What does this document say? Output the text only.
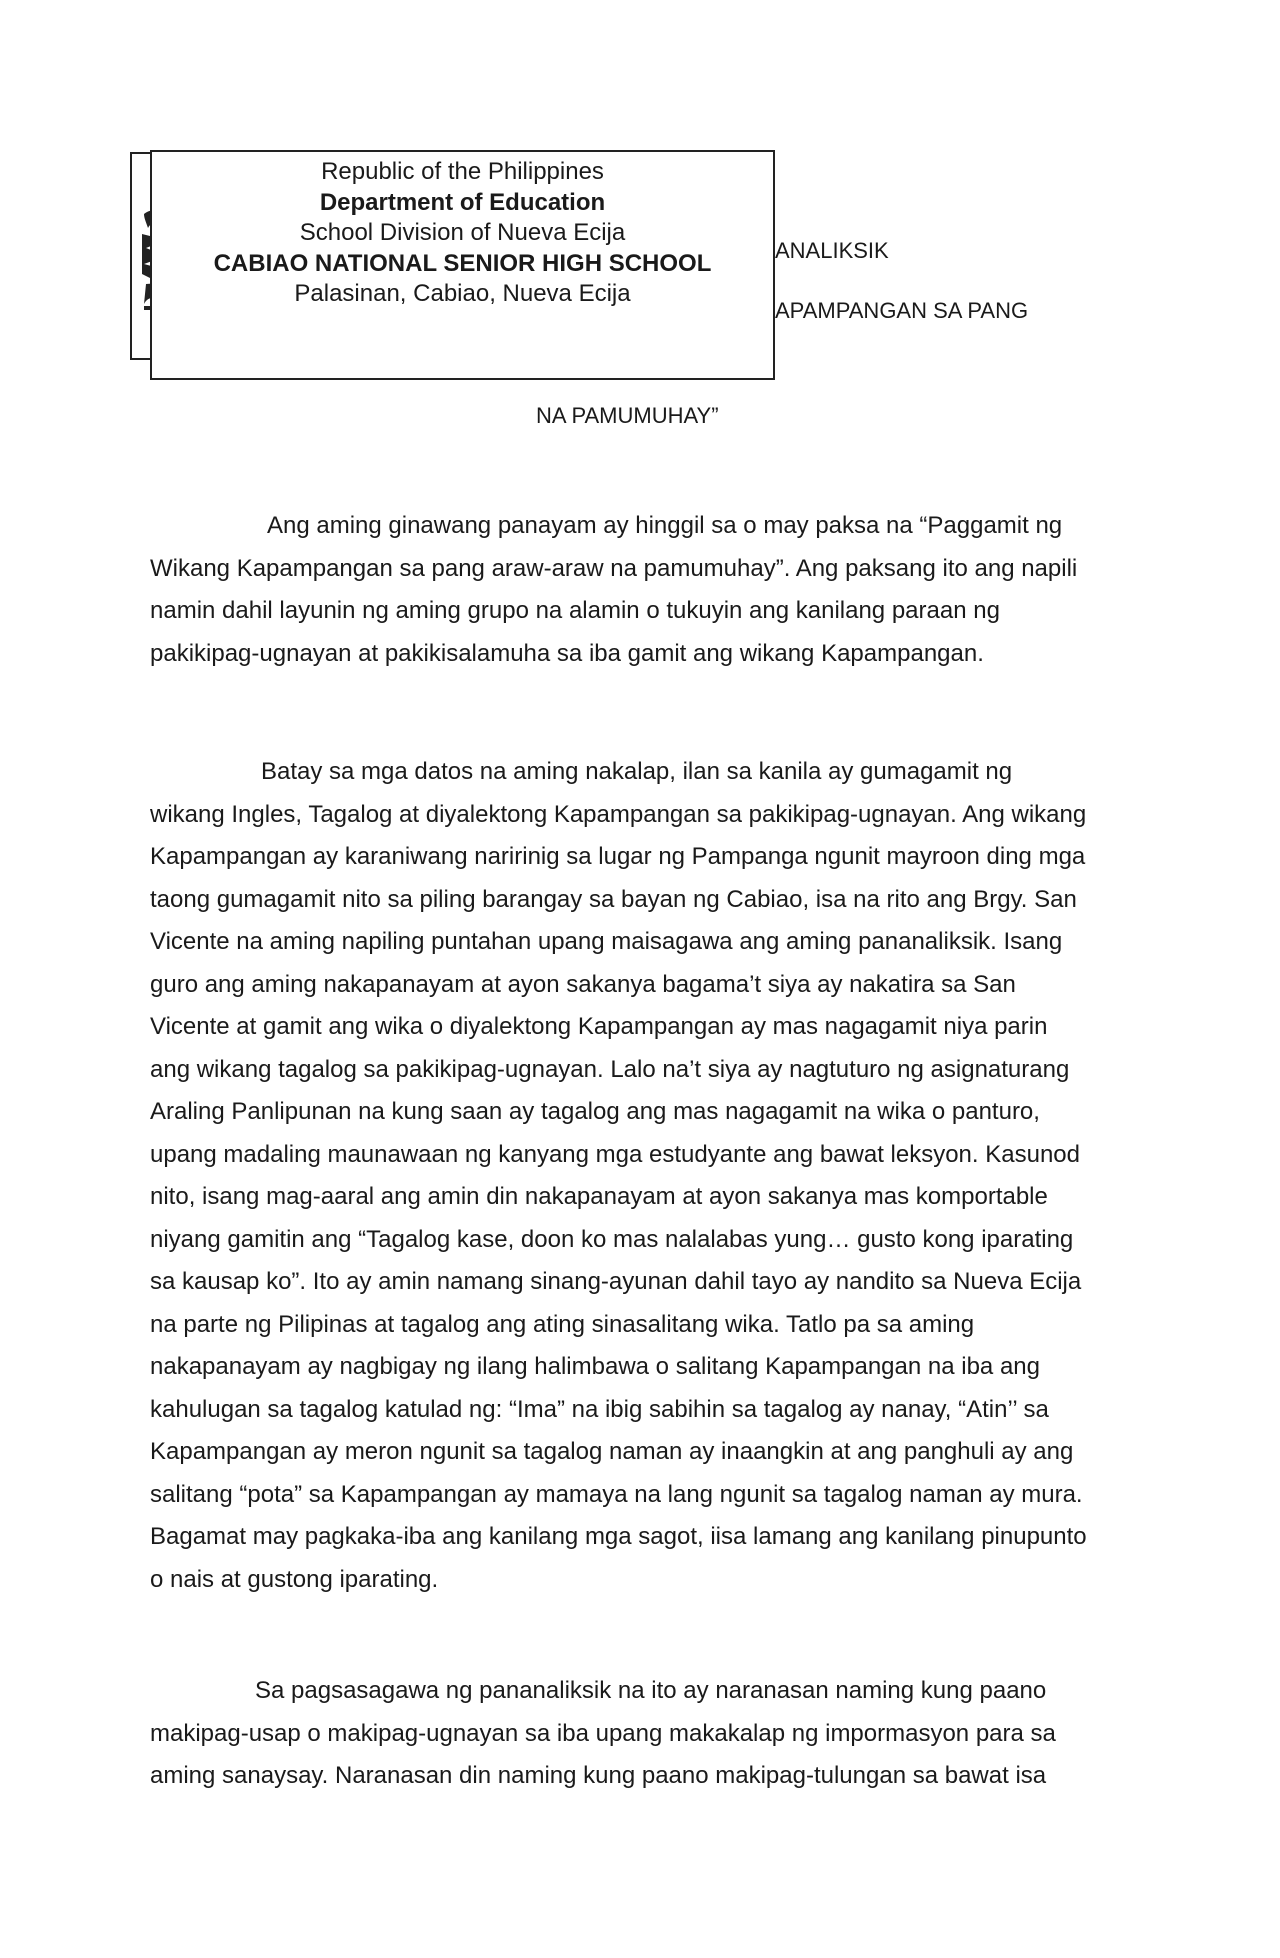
Republic of the Philippines
Department of Education
School Division of Nueva Ecija
CABIAO NATIONAL SENIOR HIGH SCHOOL
Palasinan, Cabiao, Nueva Ecija
ANALIKSIK
APAMPANGAN SA PANG
NA PAMUMUHAY”
Ang aming ginawang panayam ay hinggil sa o may paksa na “Paggamit ng
Wikang Kapampangan sa pang araw-araw na pamumuhay”. Ang paksang ito ang napili
namin dahil layunin ng aming grupo na alamin o tukuyin ang kanilang paraan ng
pakikipag-ugnayan at pakikisalamuha sa iba gamit ang wikang Kapampangan.
Batay sa mga datos na aming nakalap, ilan sa kanila ay gumagamit ng
wikang Ingles, Tagalog at diyalektong Kapampangan sa pakikipag-ugnayan. Ang wikang
Kapampangan ay karaniwang naririnig sa lugar ng Pampanga ngunit mayroon ding mga
taong gumagamit nito sa piling barangay sa bayan ng Cabiao, isa na rito ang Brgy. San
Vicente na aming napiling puntahan upang maisagawa ang aming pananaliksik. Isang
guro ang aming nakapanayam at ayon sakanya bagama’t siya ay nakatira sa San
Vicente at gamit ang wika o diyalektong Kapampangan ay mas nagagamit niya parin
ang wikang tagalog sa pakikipag-ugnayan. Lalo na’t siya ay nagtuturo ng asignaturang
Araling Panlipunan na kung saan ay tagalog ang mas nagagamit na wika o panturo,
upang madaling maunawaan ng kanyang mga estudyante ang bawat leksyon. Kasunod
nito, isang mag-aaral ang amin din nakapanayam at ayon sakanya mas komportable
niyang gamitin ang “Tagalog kase, doon ko mas nalalabas yung… gusto kong iparating
sa kausap ko”. Ito ay amin namang sinang-ayunan dahil tayo ay nandito sa Nueva Ecija
na parte ng Pilipinas at tagalog ang ating sinasalitang wika. Tatlo pa sa aming
nakapanayam ay nagbigay ng ilang halimbawa o salitang Kapampangan na iba ang
kahulugan sa tagalog katulad ng: “Ima” na ibig sabihin sa tagalog ay nanay, “Atin’’ sa
Kapampangan ay meron ngunit sa tagalog naman ay inaangkin at ang panghuli ay ang
salitang “pota” sa Kapampangan ay mamaya na lang ngunit sa tagalog naman ay mura.
Bagamat may pagkaka-iba ang kanilang mga sagot, iisa lamang ang kanilang pinupunto
o nais at gustong iparating.
Sa pagsasagawa ng pananaliksik na ito ay naranasan naming kung paano
makipag-usap o makipag-ugnayan sa iba upang makakalap ng impormasyon para sa
aming sanaysay. Naranasan din naming kung paano makipag-tulungan sa bawat isa
